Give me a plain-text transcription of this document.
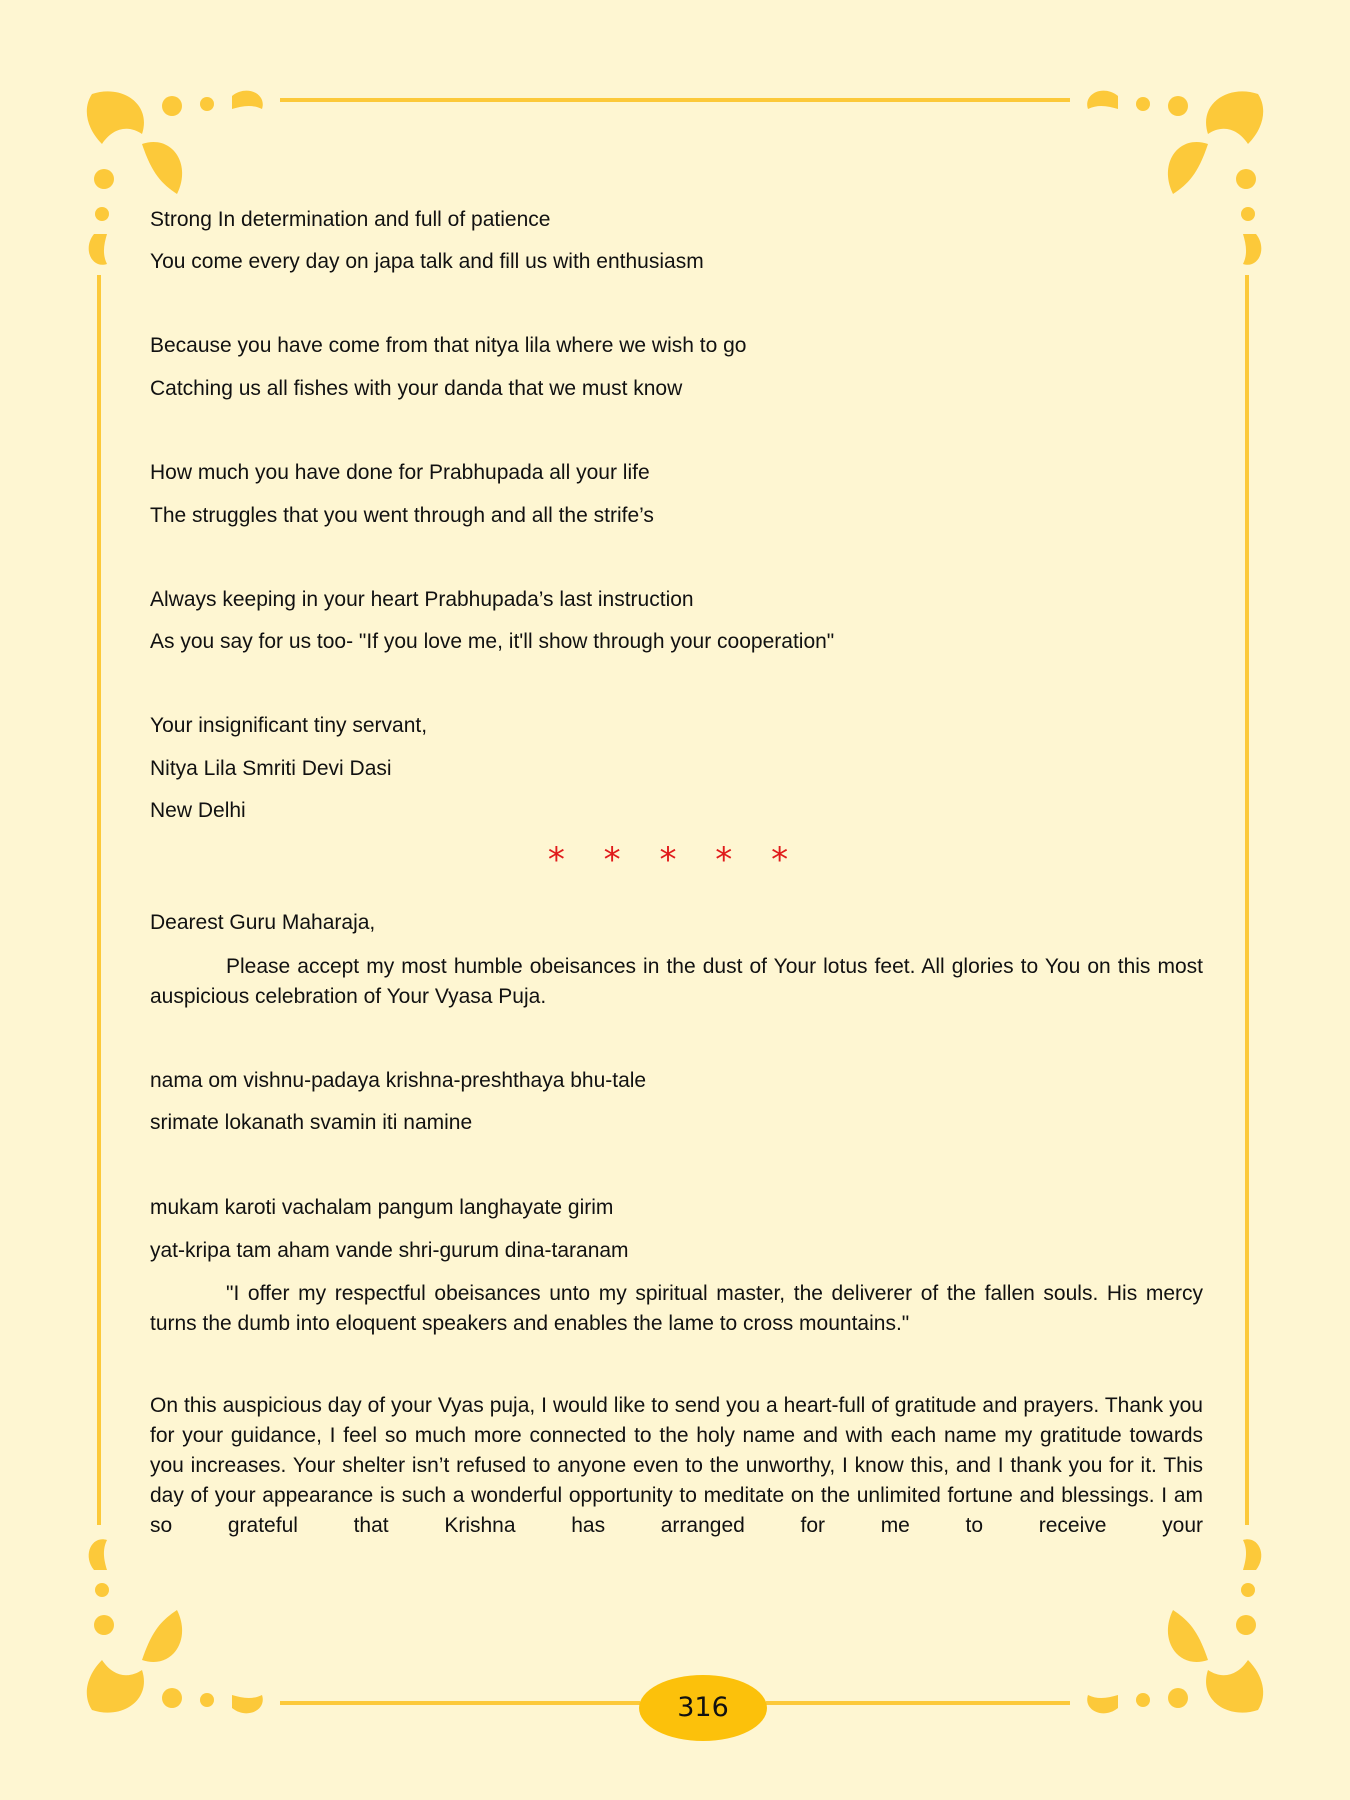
Strong In determination and full of patience
You come every day on japa talk and fill us with enthusiasm
Because you have come from that nitya lila where we wish to go
Catching us all fishes with your danda that we must know
How much you have done for Prabhupada all your life
The struggles that you went through and all the strife’s
Always keeping in your heart Prabhupada’s last instruction
As you say for us too- "If you love me, it'll show through your cooperation"
Your insignificant tiny servant,
Nitya Lila Smriti Devi Dasi
New Delhi
* * * * *
Dearest Guru Maharaja,
Please accept my most humble obeisances in the dust of Your lotus feet. All glories to You on this most auspicious celebration of Your Vyasa Puja.
nama om vishnu-padaya krishna-preshthaya bhu-tale
srimate lokanath svamin iti namine
mukam karoti vachalam pangum langhayate girim
yat-kripa tam aham vande shri-gurum dina-taranam
"I offer my respectful obeisances unto my spiritual master, the deliverer of the fallen souls. His mercy turns the dumb into eloquent speakers and enables the lame to cross mountains."
On this auspicious day of your Vyas puja, I would like to send you a heart-full of gratitude and prayers. Thank you for your guidance, I feel so much more connected to the holy name and with each name my gratitude towards you increases. Your shelter isn’t refused to anyone even to the unworthy, I know this, and I thank you for it. This day of your appearance is such a wonderful opportunity to meditate on the unlimited fortune and blessings. I am so grateful that Krishna has arranged for me to receive your
316
